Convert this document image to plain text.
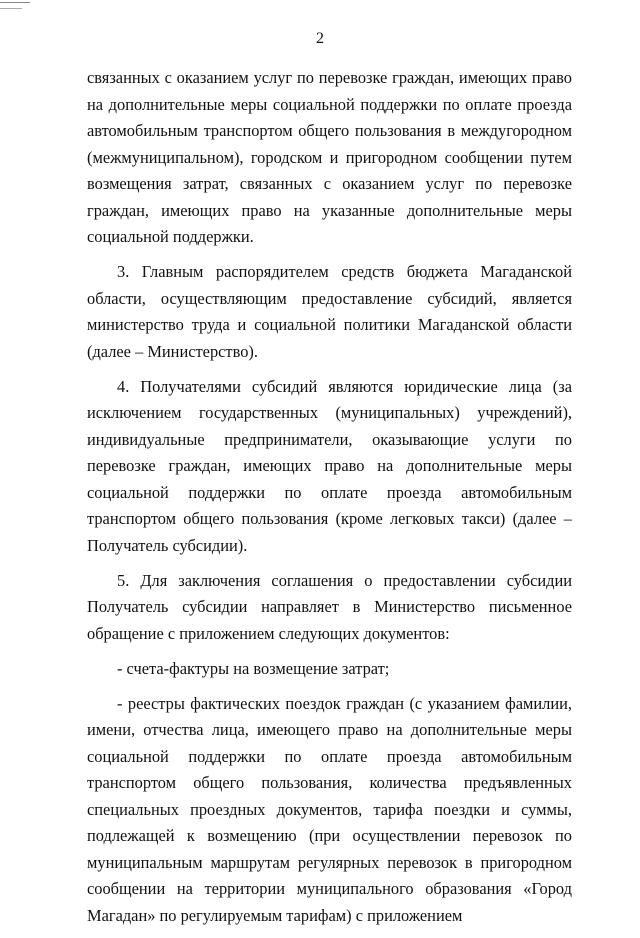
2

связанных с оказанием услуг по перевозке граждан, имеющих право на дополнительные меры социальной поддержки по оплате проезда автомобильным транспортом общего пользования в междугородном (межмуниципальном), городском и пригородном сообщении путем возмещения затрат, связанных с оказанием услуг по перевозке граждан, имеющих право на указанные дополнительные меры социальной поддержки.

3. Главным распорядителем средств бюджета Магаданской области, осуществляющим предоставление субсидий, является министерство труда и социальной политики Магаданской области (далее – Министерство).

4. Получателями субсидий являются юридические лица (за исключением государственных (муниципальных) учреждений), индивидуальные предприниматели, оказывающие услуги по перевозке граждан, имеющих право на дополнительные меры социальной поддержки по оплате проезда автомобильным транспортом общего пользования (кроме легковых такси) (далее – Получатель субсидии).

5. Для заключения соглашения о предоставлении субсидии Получатель субсидии направляет в Министерство письменное обращение с приложением следующих документов:

- счета-фактуры на возмещение затрат;

- реестры фактических поездок граждан (с указанием фамилии, имени, отчества лица, имеющего право на дополнительные меры социальной поддержки по оплате проезда автомобильным транспортом общего пользования, количества предъявленных специальных проездных документов, тарифа поездки и суммы, подлежащей к возмещению (при осуществлении перевозок по муниципальным маршрутам регулярных перевозок в пригородном сообщении на территории муниципального образования «Город Магадан» по регулируемым тарифам) с приложением
